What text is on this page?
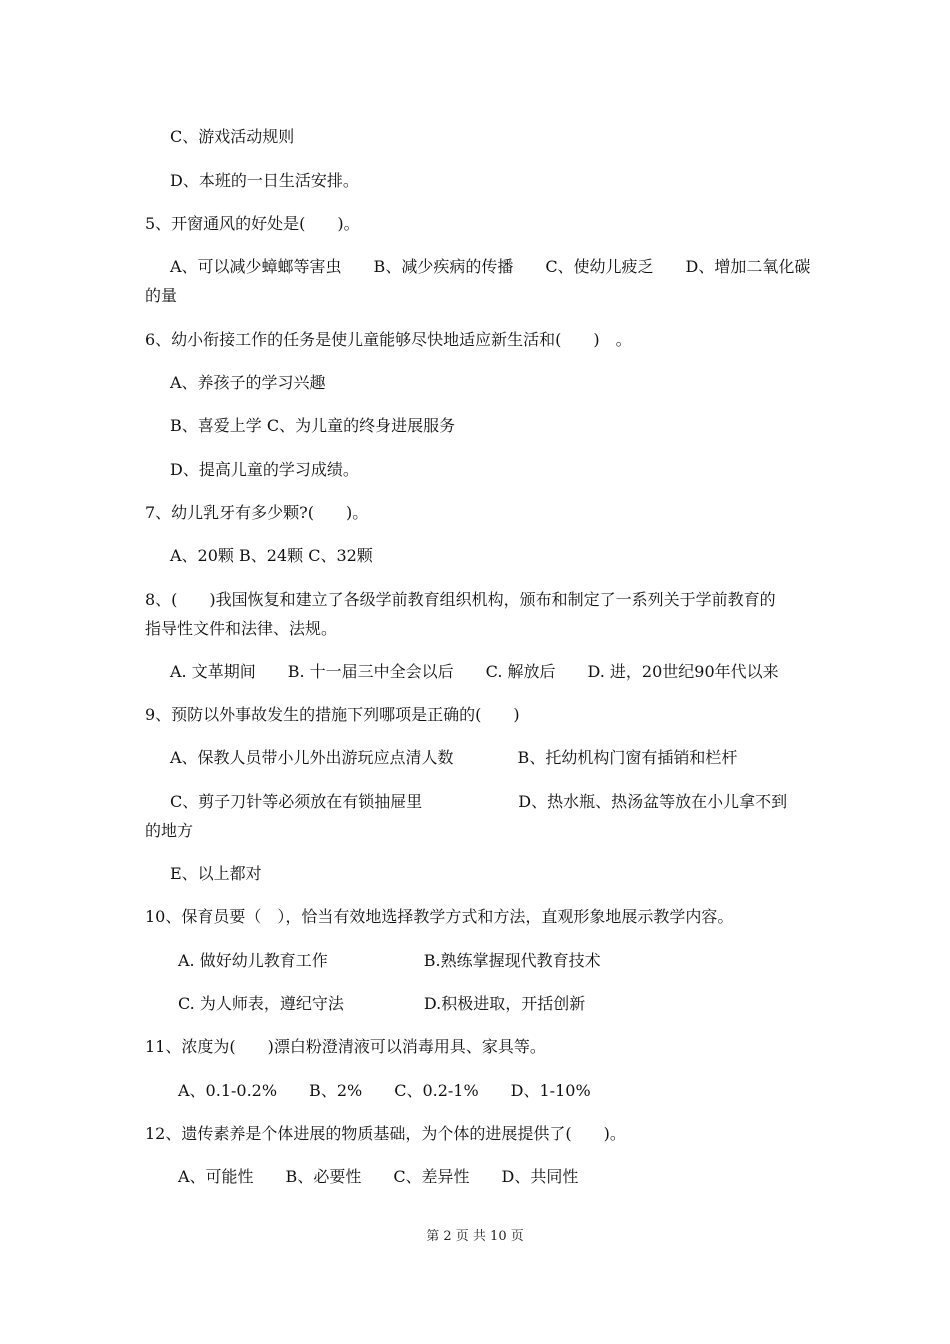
C、游戏活动规则
D、本班的一日生活安排。
5、开窗通风的好处是(　　)。
A、可以减少蟑螂等害虫　　B、减少疾病的传播　　C、使幼儿疲乏　　D、增加二氧化碳
的量
6、幼小衔接工作的任务是使儿童能够尽快地适应新生活和(　　)　。
A、养孩子的学习兴趣
B、喜爱上学 C、为儿童的终身进展服务
D、提高儿童的学习成绩。
7、幼儿乳牙有多少颗?(　　)。
A、20颗 B、24颗 C、32颗
8、(　　)我国恢复和建立了各级学前教育组织机构，颁布和制定了一系列关于学前教育的
指导性文件和法律、法规。
A. 文革期间　　B. 十一届三中全会以后　　C. 解放后　　D. 进，20世纪90年代以来
9、预防以外事故发生的措施下列哪项是正确的(　　)
A、保教人员带小儿外出游玩应点清人数　　　　B、托幼机构门窗有插销和栏杆
C、剪子刀针等必须放在有锁抽屉里　　　　　　D、热水瓶、热汤盆等放在小儿拿不到
的地方
E、以上都对
10、保育员要（　），恰当有效地选择教学方式和方法，直观形象地展示教学内容。
A. 做好幼儿教育工作　　　　　　B.熟练掌握现代教育技术
C. 为人师表，遵纪守法　　　　　D.积极进取，开括创新
11、浓度为(　　)漂白粉澄清液可以消毒用具、家具等。
A、0.1-0.2%　　B、2%　　C、0.2-1%　　D、1-10%
12、遗传素养是个体进展的物质基础，为个体的进展提供了(　　)。
A、可能性　　B、必要性　　C、差异性　　D、共同性
第 2 页 共 10 页
